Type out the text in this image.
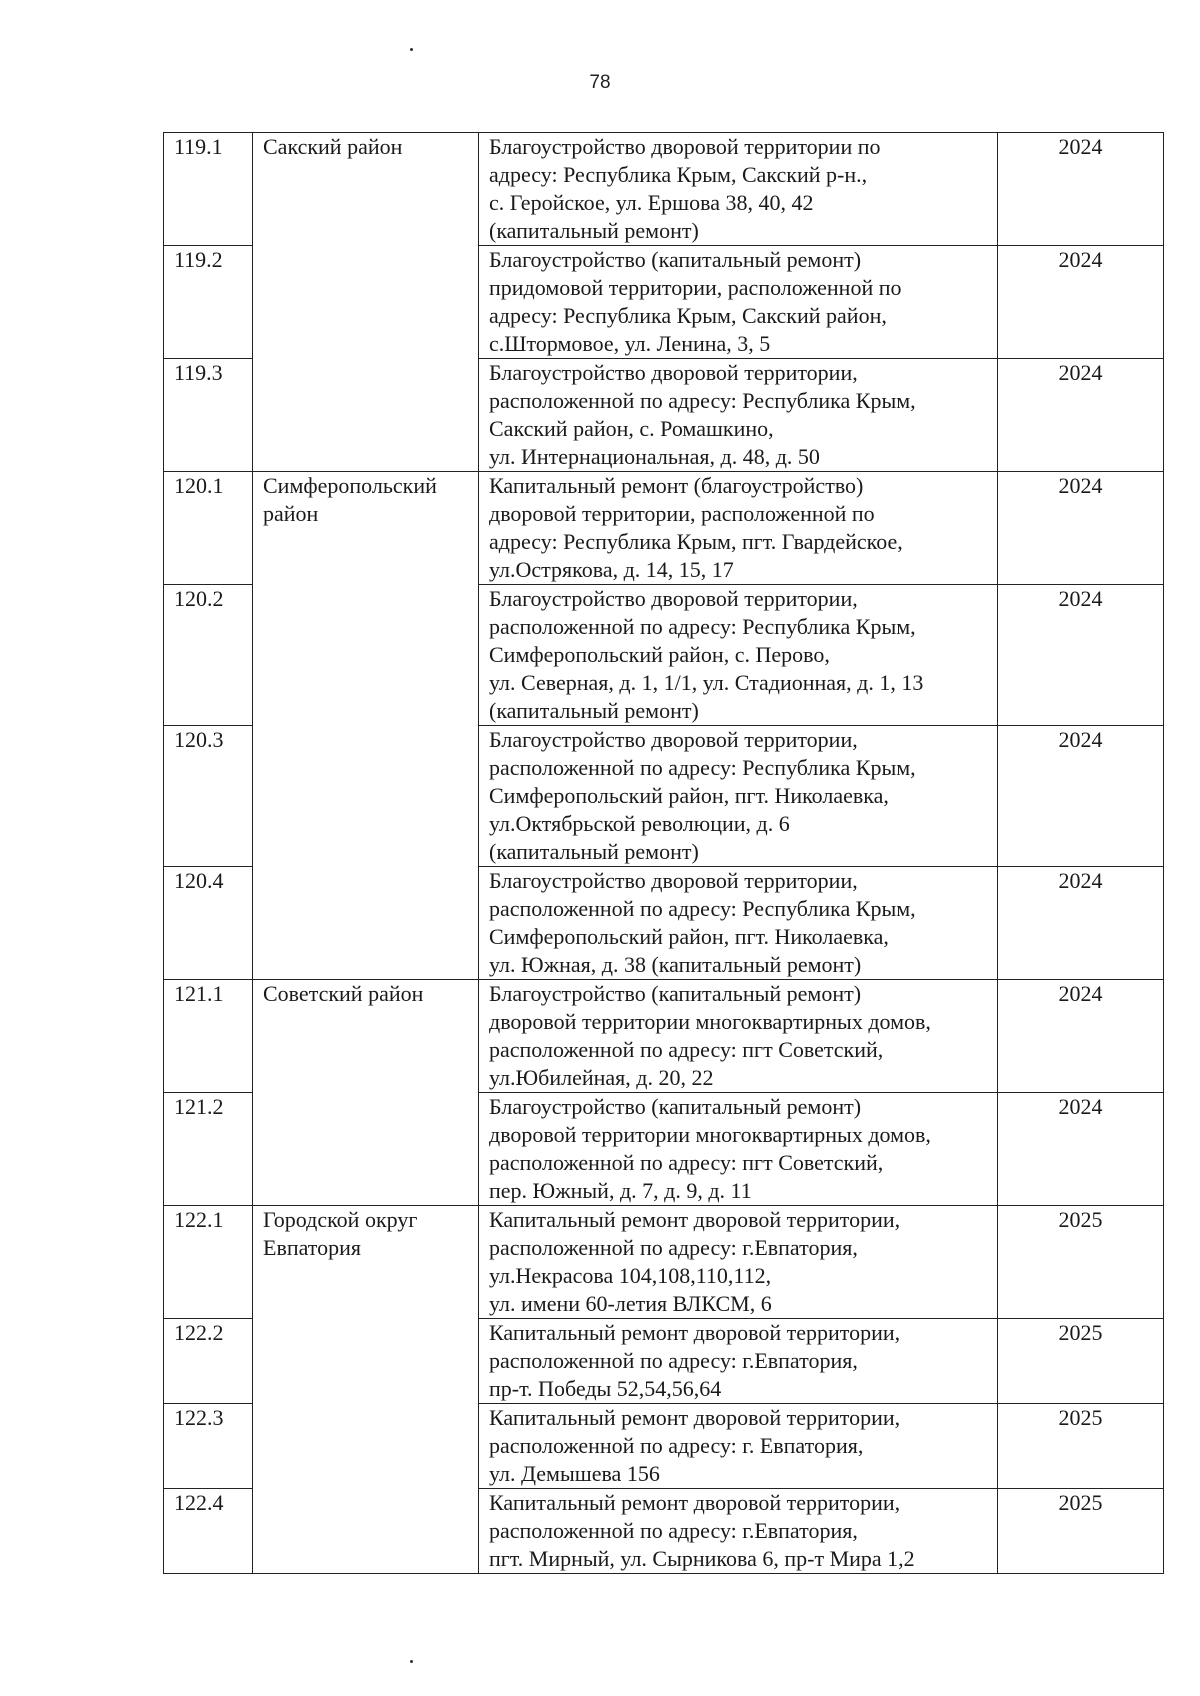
78
119.1	Сакский район	Благоустройство дворовой территории по
адресу: Республика Крым, Сакский р-н.,
с. Геройское, ул. Ершова 38, 40, 42
(капитальный ремонт)	2024
119.2		Благоустройство (капитальный ремонт)
придомовой территории, расположенной по
адресу: Республика Крым, Сакский район,
с.Штормовое, ул. Ленина, 3, 5	2024
119.3		Благоустройство дворовой территории,
расположенной по адресу: Республика Крым,
Сакский район, с. Ромашкино,
ул. Интернациональная, д. 48, д. 50	2024
120.1	Симферопольский район	Капитальный ремонт (благоустройство)
дворовой территории, расположенной по
адресу: Республика Крым, пгт. Гвардейское,
ул.Острякова, д. 14, 15, 17	2024
120.2		Благоустройство дворовой территории,
расположенной по адресу: Республика Крым,
Симферопольский район, с. Перово,
ул. Северная, д. 1, 1/1, ул. Стадионная, д. 1, 13
(капитальный ремонт)	2024
120.3		Благоустройство дворовой территории,
расположенной по адресу: Республика Крым,
Симферопольский район, пгт. Николаевка,
ул.Октябрьской революции, д. 6
(капитальный ремонт)	2024
120.4		Благоустройство дворовой территории,
расположенной по адресу: Республика Крым,
Симферопольский район, пгт. Николаевка,
ул. Южная, д. 38 (капитальный ремонт)	2024
121.1	Советский район	Благоустройство (капитальный ремонт)
дворовой территории многоквартирных домов,
расположенной по адресу: пгт Советский,
ул.Юбилейная, д. 20, 22	2024
121.2		Благоустройство (капитальный ремонт)
дворовой территории многоквартирных домов,
расположенной по адресу: пгт Советский,
пер. Южный, д. 7, д. 9, д. 11	2024
122.1	Городской округ Евпатория	Капитальный ремонт дворовой территории,
расположенной по адресу: г.Евпатория,
ул.Некрасова 104,108,110,112,
ул. имени 60-летия ВЛКСМ, 6	2025
122.2		Капитальный ремонт дворовой территории,
расположенной по адресу: г.Евпатория,
пр-т. Победы 52,54,56,64	2025
122.3		Капитальный ремонт дворовой территории,
расположенной по адресу: г. Евпатория,
ул. Демышева 156	2025
122.4		Капитальный ремонт дворовой территории,
расположенной по адресу: г.Евпатория,
пгт. Мирный, ул. Сырникова 6, пр-т Мира 1,2	2025
